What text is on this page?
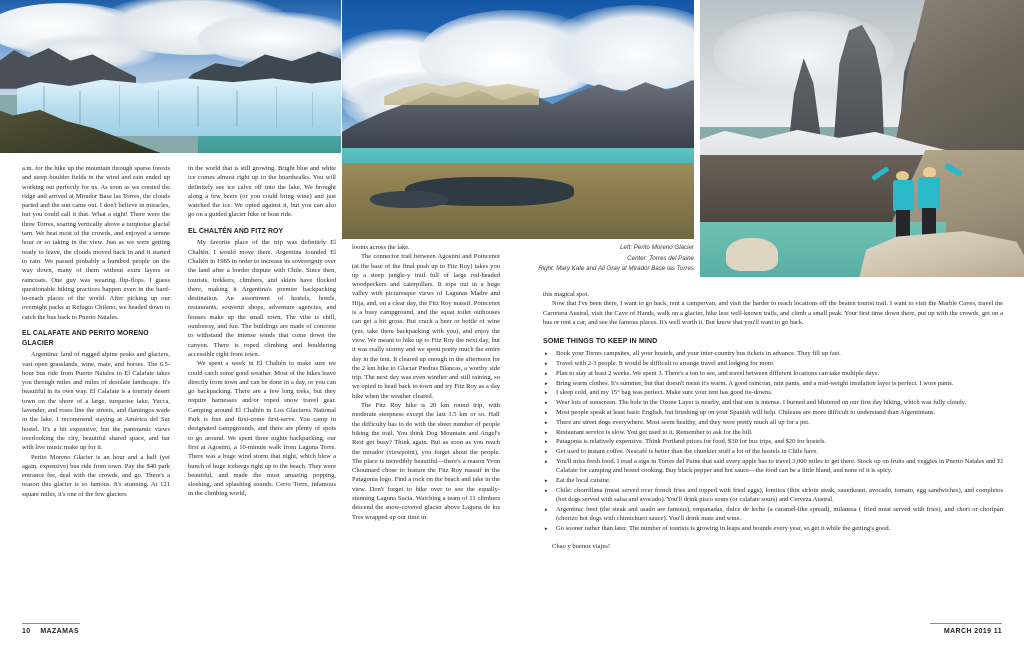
Left: Perito Moreno Glacier
Center: Torres del Paine
Right: Mary Kate and Ali Gray at Mirador Base las Torres

a.m. for the hike up the mountain through sparse forests and steep boulder fields in the wind and rain ended up working out perfectly for us. As soon as we crested the ridge and arrived at Mirador Base las Torres, the clouds parted and the sun came out. I don't believe in miracles, but you could call it that. What a sight! There were the three Torres, soaring vertically above a turquoise glacial tarn. We beat most of the crowds, and enjoyed a serene hour or so taking in the view. Just as we were getting ready to leave, the clouds moved back in and it started to rain. We passed probably a hundred people on the way down, many of them without extra layers or raincoats. One guy was wearing flip-flops. I guess questionable hiking practices happen even in the hard-to-reach places of the world. After picking up our overnight packs at Refugio Chileno, we headed down to catch the bus back to Puerto Natales.

EL CALAFATE AND PERITO MORENO GLACIER

Argentina: land of rugged alpine peaks and glaciers, vast open grasslands, wine, mate, and horses. The 6.5-hour bus ride from Puerto Natales to El Calafate takes you through miles and miles of desolate landscape. It's beautiful in its own way. El Calafate is a touristy desert town on the shore of a large, turquoise lake. Yucca, lavender, and roses line the streets, and flamingos wade in the lake. I recommend staying at América del Sur hostel. It's a bit expensive, but the panoramic views overlooking the city, beautiful shared space, and bar with live music make up for it.

Perito Moreno Glacier is an hour and a half (yet again, expensive) bus ride from town. Pay the $40 park entrance fee, deal with the crowds, and go. There's a reason this glacier is so famous. It's stunning. At 121 square miles, it's one of the few glaciers

in the world that is still growing. Bright blue and white ice comes almost right up to the boardwalks. You will definitely see ice calve off into the lake. We brought along a few beers (or you could bring wine) and just watched the ice. We opted against it, but you can also go on a guided glacier hike or boat ride.

EL CHALTÉN AND FITZ ROY

My favorite place of the trip was definitely El Chaltén. I would move there. Argentina founded El Chaltén in 1985 in order to increase its sovereignty over the land after a border dispute with Chile. Since then, tourists, trekkers, climbers, and skiers have flocked there, making it Argentina's premier backpacking destination. An assortment of hostels, hotels, restaurants, souvenir shops, adventure agencies, and houses make up the small town. The vibe is chill, outdoorsy, and fun. The buildings are made of concrete to withstand the intense winds that come down the canyon. There is roped climbing and bouldering accessible right from town.

We spent a week in El Chaltén to make sure we could catch some good weather. Most of the hikes leave directly from town and can be done in a day, or you can go backpacking. There are a few long treks, but they require harnesses and/or roped snow travel gear. Camping around El Chaltén in Los Glaciares National Park is free and first-come first-serve. You camp in designated campgrounds, and there are plenty of spots to go around. We spent three nights backpacking, our first at Agostini, a 10-minute walk from Laguna Torre. There was a huge wind storm that night, which blew a bunch of huge icebergs right up to the beach. They were beautiful, and made the most amazing popping, sloshing, and splashing sounds. Cerro Torre, infamous in the climbing world,

looms across the lake.

The connector trail between Agostini and Poincenot (at the base of the final push up to Fitz Roy) takes you up a steep jungle-y trail full of large red-headed woodpeckers and caterpillars. It tops out in a huge valley with picturesque views of Lagunas Madre and Hija, and, on a clear day, the Fitz Roy massif. Poincenot is a busy campground, and the squat toilet outhouses can get a bit gross. But crack a beer or bottle of wine (yes, take them backpacking with you), and enjoy the view. We meant to hike up to Fitz Roy the next day, but it was really stormy and we spent pretty much the entire day in the tent. It cleared up enough in the afternoon for the 2 km hike to Glaciar Piedras Blancas, a worthy side trip. The next day was even windier and still raining, so we opted to head back to town and try Fitz Roy as a day hike when the weather cleared.

The Fitz Roy hike is 20 km round trip, with moderate steepness except the last 1.5 km or so. Half the difficulty has to do with the sheer number of people hiking the trail. You think Dog Mountain and Angel's Rest get busy? Think again. But as soon as you reach the mirador (viewpoint), you forget about the people. The place is incredibly beautiful—there's a reason Yvon Chouinard chose to feature the Fitz Roy massif in the Patagonia logo. Find a rock on the beach and take in the view. Don't forget to hike over to see the equally-stunning Laguna Sucia. Watching a team of 11 climbers descend the snow-covered glacier above Laguna de los Tres wrapped up our time in

this magical spot.

Now that I've been there, I want to go back, rent a campervan, and visit the harder to reach locations off the beaten tourist trail. I want to visit the Marble Caves, travel the Carretera Austral, visit the Cave of Hands, walk on a glacier, hike less well-known trails, and climb a small peak. Your first time down there, put up with the crowds, get on a bus or rent a car, and see the famous places. It's well worth it. But know that you'll want to go back.

SOME THINGS TO KEEP IN MIND
► Book your Torres campsites, all your hostels, and your inter-country bus tickets in advance. They fill up fast.
► Travel with 2-3 people. It would be difficult to arrange travel and lodging for more.
► Plan to stay at least 2 weeks. We spent 3. There's a ton to see, and travel between different locations can take multiple days.
► Bring warm clothes. It's summer, but that doesn't mean it's warm. A good raincoat, rain pants, and a mid-weight insulation layer is perfect. I wore pants.
► I sleep cold, and my 15° bag was perfect. Make sure your tent has good tie-downs.
► Wear lots of sunscreen. The hole in the Ozone Layer is nearby, and that sun is intense. I burned and blistered on our first day hiking, which was fully cloudy.
► Most people speak at least basic English, but brushing up on your Spanish will help. Chileans are more difficult to understand than Argentinians.
► There are street dogs everywhere. Most seem healthy, and they were pretty much all up for a pet.
► Restaurant service is slow. You get used to it. Remember to ask for the bill.
► Patagonia is relatively expensive. Think Portland prices for food, $30 for bus trips, and $20 for hostels.
► Get used to instant coffee. Nescafé is better than the chunkier stuff a lot of the hostels in Chile have.
► You'll miss fresh food. I read a sign in Torres del Paine that said every apple has to travel 3,000 miles to get there. Stock up on fruits and veggies in Puerto Natales and El Calafate for camping and hostel cooking. Buy black pepper and hot sauce—the food can be a little bland, and none of it is spicy.
► Eat the local cuisine.
► Chile: chorrillana (meat served over french fries and topped with fried eggs), lomitos (thin sirloin steak, sauerkraut, avocado, tomato, egg sandwiches), and completos (hot dogs served with salsa and avocado). You'll drink pisco sours (or calafate sours) and Cerveza Austral.
► Argentina: beef (the steak and asado are famous), empanadas, dulce de leche (a caramel-like spread), milanesa ( fried meat served with fries), and chori or choripán (chorizo hot dogs with chimichurri sauce). You'll drink mate and wine.
► Go sooner rather than later. The number of tourists is growing in leaps and bounds every year, so get it while the getting's good.

Chao y buenos viajes!

10 MAZAMAS	MARCH 2019 11
